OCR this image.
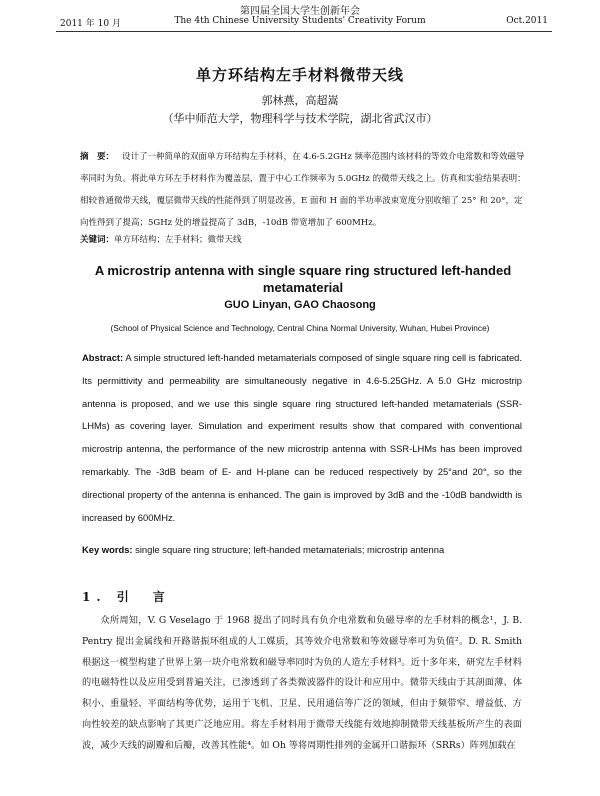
第四届全国大学生创新年会
2011 年 10 月	The 4th Chinese University Students' Creativity Forum	Oct.2011
单方环结构左手材料微带天线
郭林燕，高超嵩
（华中师范大学，物理科学与技术学院，湖北省武汉市）
摘　要： 设计了一种简单的双面单方环结构左手材料，在 4.6-5.2GHz 频率范围内该材料的等效介电常数和等效磁导率同时为负。将此单方环左手材料作为覆盖层，置于中心工作频率为 5.0GHz 的微带天线之上。仿真和实验结果表明：相较普通微带天线，覆层微带天线的性能得到了明显改善，E 面和 H 面的半功率波束宽度分别收缩了 25° 和 20°，定向性得到了提高；5GHz 处的增益提高了 3dB，-10dB 带宽增加了 600MHz。
关键词：单方环结构；左手材料；微带天线
A microstrip antenna with single square ring structured left-handed metamaterial
GUO Linyan, GAO Chaosong
(School of Physical Science and Technology, Central China Normal University, Wuhan, Hubei Province)
Abstract: A simple structured left-handed metamaterials composed of single square ring cell is fabricated. Its permittivity and permeability are simultaneously negative in 4.6-5.25GHz. A 5.0 GHz microstrip antenna is proposed, and we use this single square ring structured left-handed metamaterials (SSR-LHMs) as covering layer. Simulation and experiment results show that compared with conventional microstrip antenna, the performance of the new microstrip antenna with SSR-LHMs has been improved remarkably. The -3dB beam of E- and H-plane can be reduced respectively by 25°and 20°, so the directional property of the antenna is enhanced. The gain is improved by 3dB and the -10dB bandwidth is increased by 600MHz.
Key words: single square ring structure; left-handed metamaterials; microstrip antenna
1. 引　言
众所周知，V. G Veselago 于 1968 提出了同时具有负介电常数和负磁导率的左手材料的概念¹，J. B. Pentry 提出金属线和开路谐振环组成的人工媒质，其等效介电常数和等效磁导率可为负值²。D. R. Smith 根据这一模型构建了世界上第一块介电常数和磁导率同时为负的人造左手材料³。近十多年来，研究左手材料的电磁特性以及应用受到普遍关注，已渗透到了各类微波器件的设计和应用中。微带天线由于其剖面薄、体积小、重量轻、平面结构等优势，运用于飞机、卫星、民用通信等广泛的领域，但由于频带窄、增益低、方向性较差的缺点影响了其更广泛地应用。将左手材料用于微带天线能有效地抑制微带天线基板所产生的表面波，减少天线的副瓣和后瓣，改善其性能⁴。如 Oh 等将周期性排列的金属开口谐振环（SRRs）阵列加载在
